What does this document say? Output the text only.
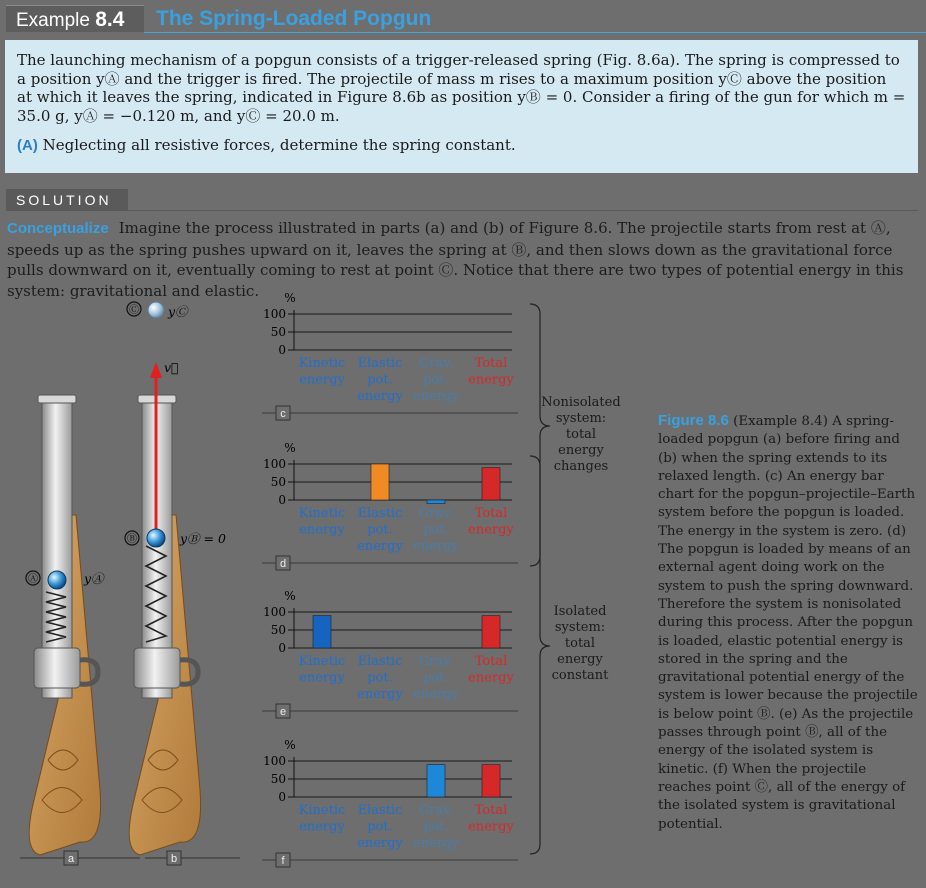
Example 8.4	The Spring-Loaded Popgun
The launching mechanism of a popgun consists of a trigger-released spring (Fig. 8.6a). The spring is compressed to a position yⒶ and the trigger is fired. The projectile of mass m rises to a maximum position yⒸ above the position at which it leaves the spring, indicated in Figure 8.6b as position yⒷ = 0. Consider a firing of the gun for which m = 35.0 g, yⒶ = −0.120 m, and yⒸ = 20.0 m.
(A) Neglecting all resistive forces, determine the spring constant.
SOLUTION
Conceptualize Imagine the process illustrated in parts (a) and (b) of Figure 8.6. The projectile starts from rest at Ⓐ, speeds up as the spring pushes upward on it, leaves the spring at Ⓑ, and then slows down as the gravitational force pulls downward on it, eventually coming to rest at point Ⓒ. Notice that there are two types of potential energy in this system: gravitational and elastic.
Ⓐ	yⒶ
Ⓑ	yⒷ = 0
v⃗
Ⓒ yⒸ
a	b
%
100
50
0
Kinetic
energy
Elastic
pot.
energy
Grav.
pot.
energy
Total
energy
c
%
100
50
0
Kinetic
energy
Elastic
pot.
energy
Grav.
pot.
energy
Total
energy
d
%
100
50
0
Kinetic
energy
Elastic
pot.
energy
Grav.
pot.
energy
Total
energy
e
%
100
50
0
Kinetic
energy
Elastic
pot.
energy
Grav.
pot.
energy
Total
energy
f
Nonisolated
system: total
energy
changes
Isolated
system:
total
energy
constant
Figure 8.6 (Example 8.4) A spring-loaded popgun (a) before firing and (b) when the spring extends to its relaxed length. (c) An energy bar chart for the popgun–projectile–Earth system before the popgun is loaded. The energy in the system is zero. (d) The popgun is loaded by means of an external agent doing work on the system to push the spring downward. Therefore the system is nonisolated during this process. After the popgun is loaded, elastic potential energy is stored in the spring and the gravitational potential energy of the system is lower because the projectile is below point Ⓑ. (e) As the projectile passes through point Ⓑ, all of the energy of the isolated system is kinetic. (f) When the projectile reaches point Ⓒ, all of the energy of the isolated system is gravitational potential.
